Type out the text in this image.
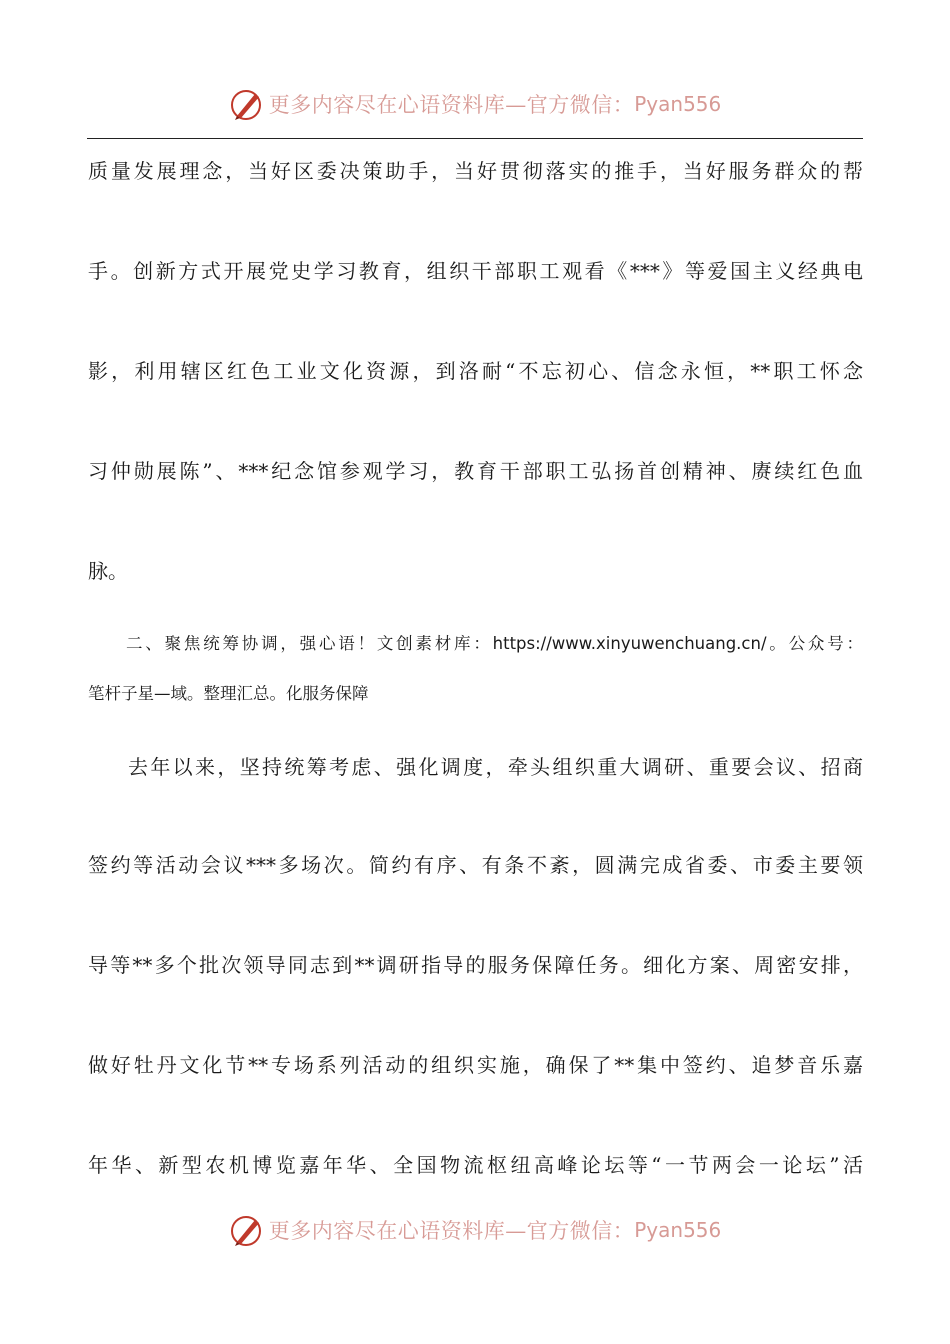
更多内容尽在心语资料库—官方微信： Pyan556
质量发展理念，当好区委决策助手，当好贯彻落实的推手，当好服务群众的帮
手。创新方式开展党史学习教育，组织干部职工观看《***》等爱国主义经典电
影，利用辖区红色工业文化资源，到洛耐“不忘初心、信念永恒，**职工怀念
习仲勋展陈”、***纪念馆参观学习，教育干部职工弘扬首创精神、赓续红色血
脉。
二、聚焦统筹协调，强心语！文创素材库：https://www.xinyuwenchuang.cn/。公众号：
笔杆子星—域。整理汇总。化服务保障
去年以来，坚持统筹考虑、强化调度，牵头组织重大调研、重要会议、招商
签约等活动会议***多场次。简约有序、有条不紊，圆满完成省委、市委主要领
导等**多个批次领导同志到**调研指导的服务保障任务。细化方案、周密安排，
做好牡丹文化节**专场系列活动的组织实施，确保了**集中签约、追梦音乐嘉
年华、新型农机博览嘉年华、全国物流枢纽高峰论坛等“一节两会一论坛”活
更多内容尽在心语资料库—官方微信： Pyan556
